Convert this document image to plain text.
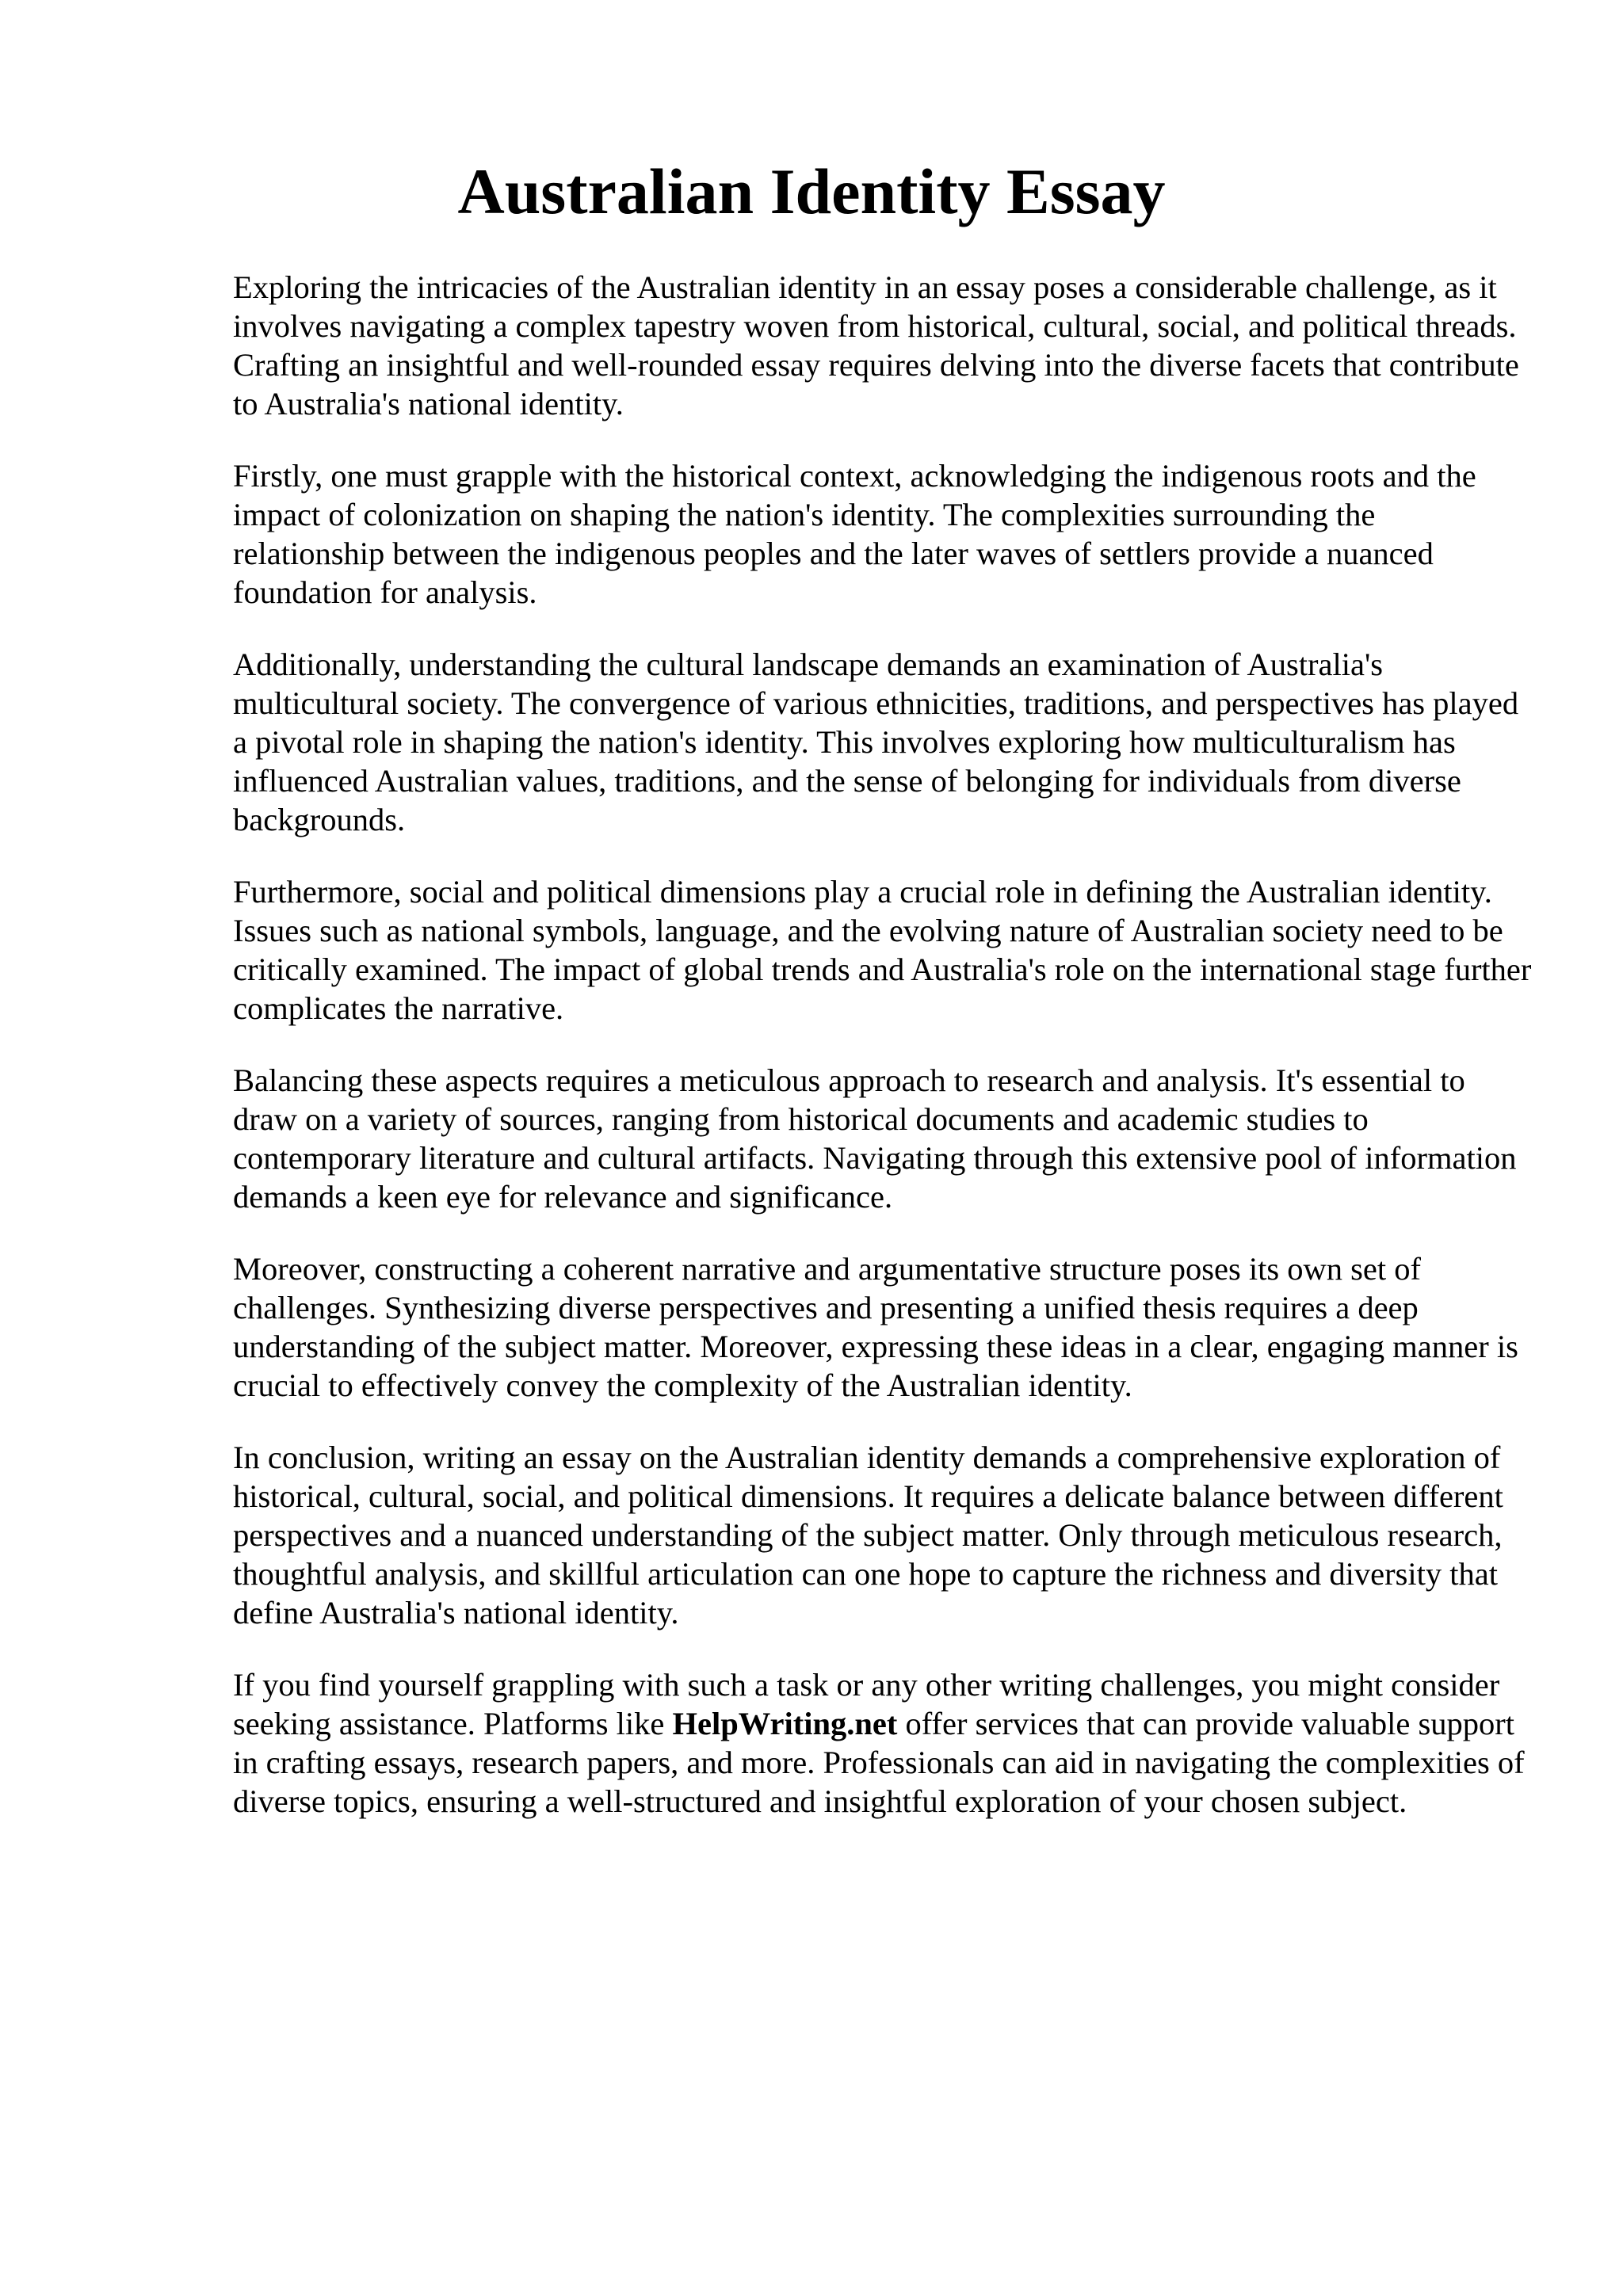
Australian Identity Essay

Exploring the intricacies of the Australian identity in an essay poses a considerable challenge, as it involves navigating a complex tapestry woven from historical, cultural, social, and political threads. Crafting an insightful and well-rounded essay requires delving into the diverse facets that contribute to Australia's national identity.

Firstly, one must grapple with the historical context, acknowledging the indigenous roots and the impact of colonization on shaping the nation's identity. The complexities surrounding the relationship between the indigenous peoples and the later waves of settlers provide a nuanced foundation for analysis.

Additionally, understanding the cultural landscape demands an examination of Australia's multicultural society. The convergence of various ethnicities, traditions, and perspectives has played a pivotal role in shaping the nation's identity. This involves exploring how multiculturalism has influenced Australian values, traditions, and the sense of belonging for individuals from diverse backgrounds.

Furthermore, social and political dimensions play a crucial role in defining the Australian identity. Issues such as national symbols, language, and the evolving nature of Australian society need to be critically examined. The impact of global trends and Australia's role on the international stage further complicates the narrative.

Balancing these aspects requires a meticulous approach to research and analysis. It's essential to draw on a variety of sources, ranging from historical documents and academic studies to contemporary literature and cultural artifacts. Navigating through this extensive pool of information demands a keen eye for relevance and significance.

Moreover, constructing a coherent narrative and argumentative structure poses its own set of challenges. Synthesizing diverse perspectives and presenting a unified thesis requires a deep understanding of the subject matter. Moreover, expressing these ideas in a clear, engaging manner is crucial to effectively convey the complexity of the Australian identity.

In conclusion, writing an essay on the Australian identity demands a comprehensive exploration of historical, cultural, social, and political dimensions. It requires a delicate balance between different perspectives and a nuanced understanding of the subject matter. Only through meticulous research, thoughtful analysis, and skillful articulation can one hope to capture the richness and diversity that define Australia's national identity.

If you find yourself grappling with such a task or any other writing challenges, you might consider seeking assistance. Platforms like HelpWriting.net offer services that can provide valuable support in crafting essays, research papers, and more. Professionals can aid in navigating the complexities of diverse topics, ensuring a well-structured and insightful exploration of your chosen subject.
